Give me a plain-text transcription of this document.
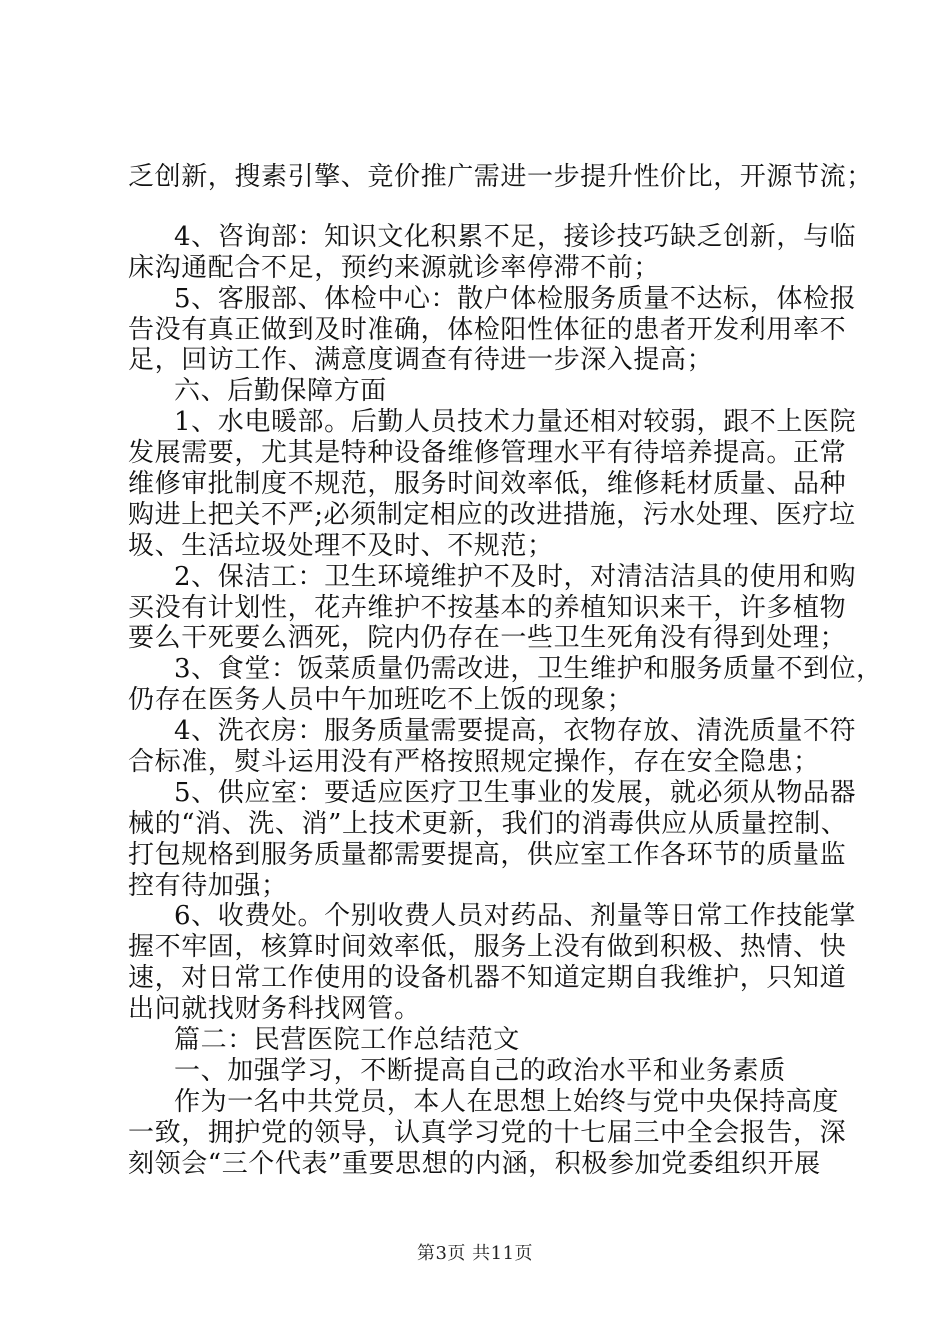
乏创新，搜素引擎、竞价推广需进一步提升性价比，开源节流；
4、咨询部：知识文化积累不足，接诊技巧缺乏创新，与临
床沟通配合不足，预约来源就诊率停滞不前；
5、客服部、体检中心：散户体检服务质量不达标，体检报
告没有真正做到及时准确，体检阳性体征的患者开发利用率不
足，回访工作、满意度调查有待进一步深入提高；
六、后勤保障方面
1、水电暖部。后勤人员技术力量还相对较弱，跟不上医院
发展需要，尤其是特种设备维修管理水平有待培养提高。正常
维修审批制度不规范，服务时间效率低，维修耗材质量、品种
购进上把关不严;必须制定相应的改进措施，污水处理、医疗垃
圾、生活垃圾处理不及时、不规范；
2、保洁工：卫生环境维护不及时，对清洁洁具的使用和购
买没有计划性，花卉维护不按基本的养植知识来干，许多植物
要么干死要么洒死，院内仍存在一些卫生死角没有得到处理；
3、食堂：饭菜质量仍需改进，卫生维护和服务质量不到位，
仍存在医务人员中午加班吃不上饭的现象；
4、洗衣房：服务质量需要提高，衣物存放、清洗质量不符
合标准，熨斗运用没有严格按照规定操作，存在安全隐患；
5、供应室：要适应医疗卫生事业的发展，就必须从物品器
械的“消、洗、消”上技术更新，我们的消毒供应从质量控制、
打包规格到服务质量都需要提高，供应室工作各环节的质量监
控有待加强；
6、收费处。个别收费人员对药品、剂量等日常工作技能掌
握不牢固，核算时间效率低，服务上没有做到积极、热情、快
速，对日常工作使用的设备机器不知道定期自我维护，只知道
出问就找财务科找网管。
篇二：民营医院工作总结范文
一、加强学习，不断提高自己的政治水平和业务素质
作为一名中共党员，本人在思想上始终与党中央保持高度
一致，拥护党的领导，认真学习党的十七届三中全会报告，深
刻领会“三个代表”重要思想的内涵，积极参加党委组织开展
第3页 共11页
